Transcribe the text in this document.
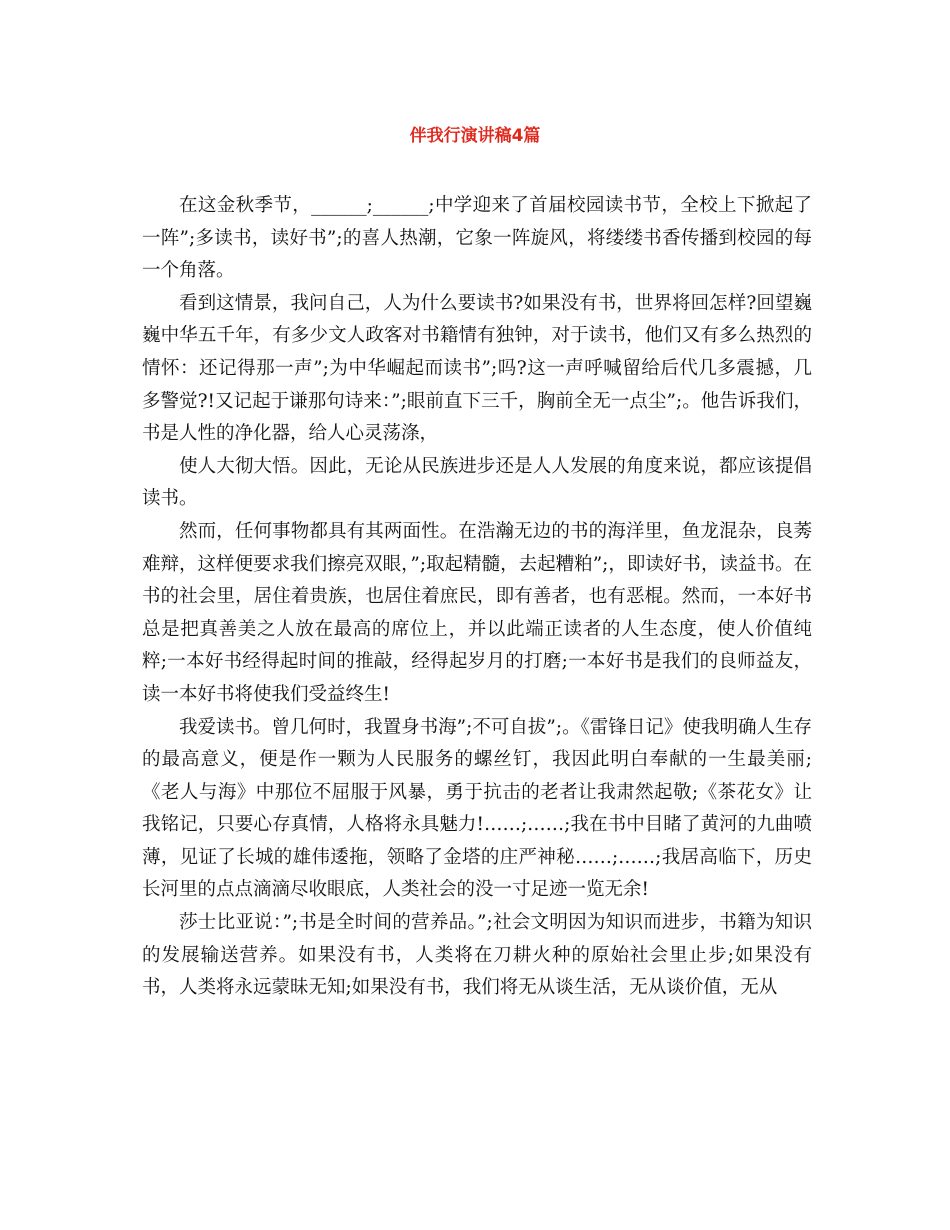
伴我行演讲稿4篇

在这金秋季节，______;______;中学迎来了首届校园读书节，全校上下掀起了一阵”;多读书，读好书”;的喜人热潮，它象一阵旋风，将缕缕书香传播到校园的每一个角落。

看到这情景，我问自己，人为什么要读书?如果没有书，世界将回怎样?回望巍巍中华五千年，有多少文人政客对书籍情有独钟，对于读书，他们又有多么热烈的情怀：还记得那一声”;为中华崛起而读书”;吗?这一声呼喊留给后代几多震撼，几多警觉?!又记起于谦那句诗来：”;眼前直下三千，胸前全无一点尘”;。他告诉我们，书是人性的净化器，给人心灵荡涤，

使人大彻大悟。因此，无论从民族进步还是人人发展的角度来说，都应该提倡读书。

然而，任何事物都具有其两面性。在浩瀚无边的书的海洋里，鱼龙混杂，良莠难辩，这样便要求我们擦亮双眼，”;取起精髓，去起糟粕”;，即读好书，读益书。在书的社会里，居住着贵族，也居住着庶民，即有善者，也有恶棍。然而，一本好书总是把真善美之人放在最高的席位上，并以此端正读者的人生态度，使人价值纯粹;一本好书经得起时间的推敲，经得起岁月的打磨;一本好书是我们的良师益友，读一本好书将使我们受益终生!

我爱读书。曾几何时，我置身书海”;不可自拔”;。《雷锋日记》使我明确人生存的最高意义，便是作一颗为人民服务的螺丝钉，我因此明白奉献的一生最美丽;《老人与海》中那位不屈服于风暴，勇于抗击的老者让我肃然起敬;《茶花女》让我铭记，只要心存真情，人格将永具魅力!……;……;我在书中目睹了黄河的九曲喷薄，见证了长城的雄伟逶拖，领略了金塔的庄严神秘……;……;我居高临下，历史长河里的点点滴滴尽收眼底，人类社会的没一寸足迹一览无余!

莎士比亚说：”;书是全时间的营养品。”;社会文明因为知识而进步，书籍为知识的发展输送营养。如果没有书，人类将在刀耕火种的原始社会里止步;如果没有书，人类将永远蒙昧无知;如果没有书，我们将无从谈生活，无从谈价值，无从
